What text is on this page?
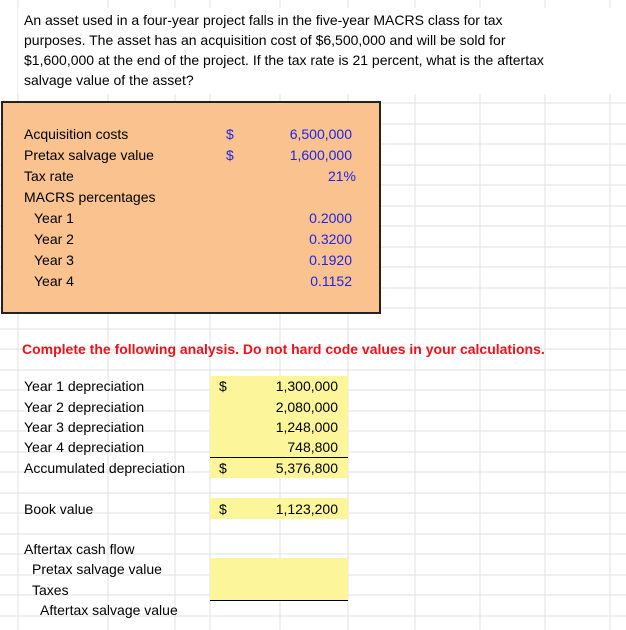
An asset used in a four-year project falls in the five-year MACRS class for tax
purposes. The asset has an acquisition cost of $6,500,000 and will be sold for
$1,600,000 at the end of the project. If the tax rate is 21 percent, what is the aftertax
salvage value of the asset?
Acquisition costs	$	6,500,000
Pretax salvage value	$	1,600,000
Tax rate	21%
MACRS percentages
Year 1	0.2000
Year 2	0.3200
Year 3	0.1920
Year 4	0.1152
Complete the following analysis. Do not hard code values in your calculations.
Year 1 depreciation	$	1,300,000
Year 2 depreciation	2,080,000
Year 3 depreciation	1,248,000
Year 4 depreciation	748,800
Accumulated depreciation $	5,376,800
Book value	$	1,123,200
Aftertax cash flow
Pretax salvage value
Taxes
Aftertax salvage value
